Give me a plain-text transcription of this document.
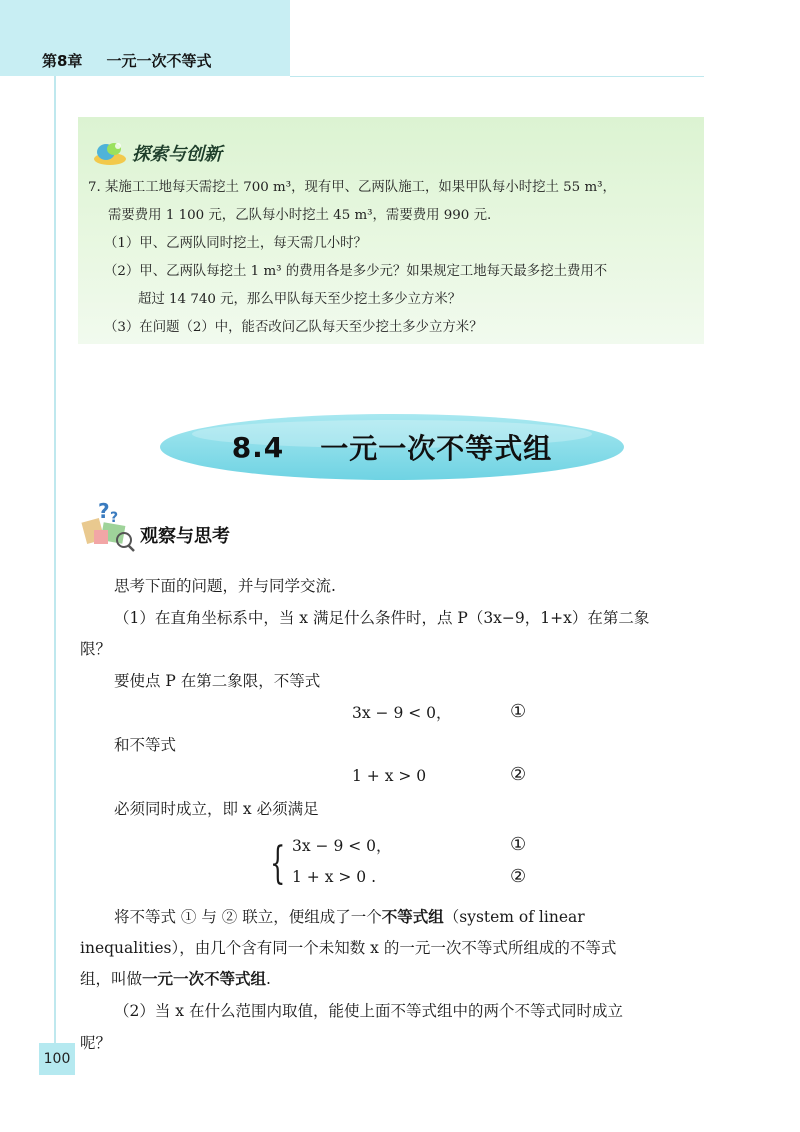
第8章 一元一次不等式
探索与创新
7. 某施工工地每天需挖土 700 m³，现有甲、乙两队施工，如果甲队每小时挖土 55 m³，
需要费用 1 100 元，乙队每小时挖土 45 m³，需要费用 990 元.
（1）甲、乙两队同时挖土，每天需几小时？
（2）甲、乙两队每挖土 1 m³ 的费用各是多少元？如果规定工地每天最多挖土费用不
超过 14 740 元，那么甲队每天至少挖土多少立方米？
（3）在问题（2）中，能否改问乙队每天至少挖土多少立方米？
8.4 一元一次不等式组
? ?
观察与思考
思考下面的问题，并与同学交流.
（1）在直角坐标系中，当 x 满足什么条件时，点 P（3x−9，1+x）在第二象
限？
要使点 P 在第二象限，不等式
3x − 9 < 0，	①
和不等式
1 + x > 0	②
必须同时成立，即 x 必须满足
{ 3x − 9 < 0，	①
1 + x > 0 .	②
将不等式 ① 与 ② 联立，便组成了一个不等式组（system of linear
inequalities），由几个含有同一个未知数 x 的一元一次不等式所组成的不等式
组，叫做一元一次不等式组.
（2）当 x 在什么范围内取值，能使上面不等式组中的两个不等式同时成立
呢？
100
